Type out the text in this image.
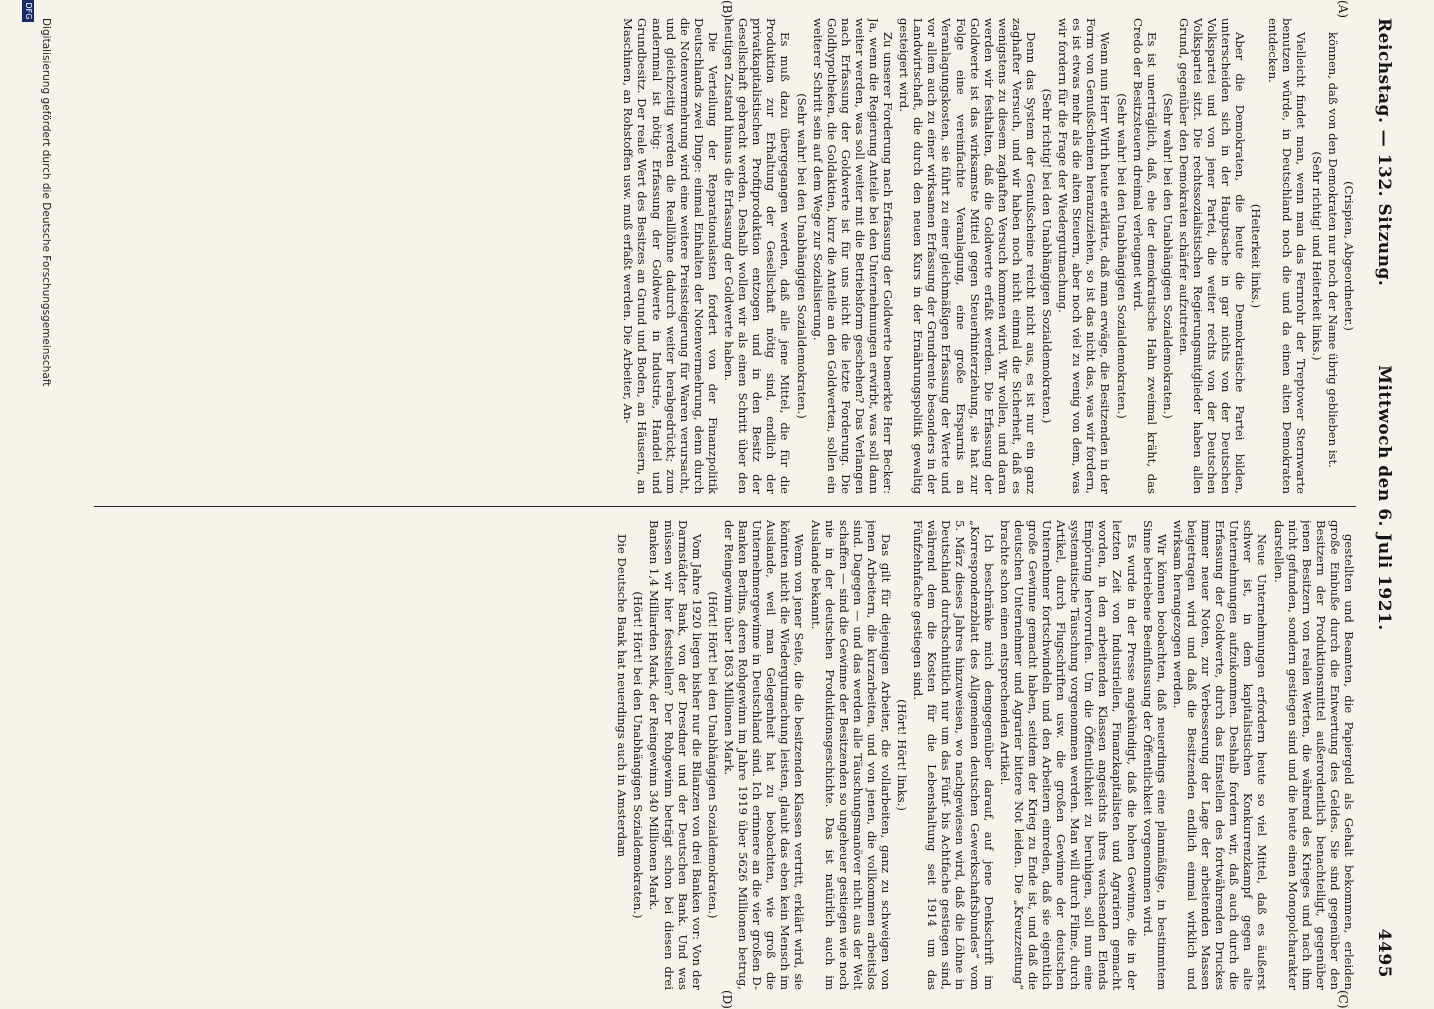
Reichstag. — 132. Sitzung.
Mittwoch den 6. Juli 1921.
4495
(A)
(B)
(C)
(D)

(Crispien, Abgeordneter.)

können, daß von den Demokraten nur noch der Name übrig geblieben ist.

(Sehr richtig! und Heiterkeit links.)

Vielleicht findet man, wenn man das Fernrohr der Treptower Sternwarte benutzen würde, in Deutschland noch die und da einen alten Demokraten entdecken.

(Heiterkeit links.)

Aber die Demokraten, die heute die Demokratische Partei bilden, unterscheiden sich in der Hauptsache in gar nichts von der Deutschen Volkspartei und von jener Partei, die weiter rechts von der Deutschen Volkspartei sitzt. Die rechtssozialistischen Regierungsmitglieder haben allen Grund, gegenüber den Demokraten schärfer aufzutreten.

(Sehr wahr! bei den Unabhängigen Sozialdemokraten.)

Es ist unerträglich, daß, ehe der demokratische Hahn zweimal kräht, das Credo der Besitzsteuern dreimal verleugnet wird.

(Sehr wahr! bei den Unabhängigen Sozialdemokraten.)

Wenn nun Herr Wirth heute erklärte, daß man erwäge, die Besitzenden in der Form von Genußscheinen heranzuziehen, so ist das nicht das, was wir fordern, es ist etwas mehr als die alten Steuern, aber noch viel zu wenig von dem, was wir fordern für die Frage der Wiedergutmachung.

(Sehr richtig! bei den Unabhängigen Sozialdemokraten.)

Denn das System der Genußscheine reicht nicht aus, es ist nur ein ganz zaghafter Versuch, und wir haben noch nicht einmal die Sicherheit, daß es wenigstens zu diesem zaghaften Versuch kommen wird. Wir wollen, und daran werden wir festhalten, daß die Goldwerte erfaßt werden. Die Erfassung der Goldwerte ist das wirksamste Mittel gegen Steuerhinterziehung, sie hat zur Folge eine vereinfachte Veranlagung, eine große Ersparnis an Veranlagungskosten, sie führt zu einer gleichmäßigen Erfassung der Werte und vor allem auch zu einer wirksamen Erfassung der Grundrente besonders in der Landwirtschaft, die durch den neuen Kurs in der Ernährungspolitik gewaltig gesteigert wird.

Zu unserer Forderung nach Erfassung der Goldwerte bemerkte Herr Becker: Ja, wenn die Regierung Anteile bei den Unternehmungen erwirbt, was soll dann weiter werden, was soll weiter mit die Betriebsform geschehen? Das Verlangen nach Erfassung der Goldwerte ist für uns nicht die letzte Forderung. Die Goldhypotheken, die Goldaktien, kurz die Anteile an den Goldwerten, sollen ein weiterer Schritt sein auf dem Wege zur Sozialisierung.

(Sehr wahr! bei den Unabhängigen Sozialdemokraten.)

Es muß dazu übergegangen werden, daß alle jene Mittel, die für die Produktion zur Erhaltung der Gesellschaft nötig sind, endlich der privatkapitalistischen Profitproduktion entzogen und in den Besitz der Gesellschaft gebracht werden. Deshalb wollen wir als einen Schritt über den heutigen Zustand hinaus die Erfassung der Goldwerte haben.

Die Verteilung der Reparationslasten fordert von der Finanzpolitik Deutschlands zwei Dinge: einmal Einhalten der Notenvermehrung, denn durch die Notenvermehrung wird eine weitere Preissteigerung für Waren verursacht, und gleichzeitig werden die Realllöhne dadurch weiter herabgedrückt; zum andernmal ist nötig: Erfassung der Goldwerte in Industrie, Handel und Grundbesitz. Der reale Wert des Besitzes an Grund und Boden, an Häusern, an Maschinen, an Rohstoffen usw. muß erfaßt werden. Die Arbeiter, An-

gestellten und Beamten, die Papiergeld als Gehalt bekommen, erleiden große Einbuße durch die Entwertung des Geldes. Sie sind gegenüber den Besitzern der Produktionsmittel außerordentlich benachteiligt, gegenüber jenen Besitzern von realen Werten, die während des Krieges und nach ihm nicht gefunden, sondern gestiegen sind und die heute einen Monopolcharakter darstellen.

Neue Unternehmungen erfordern heute so viel Mittel, daß es äußerst schwer ist, in dem kapitalistischen Konkurrenzkampf gegen alte Unternehmungen aufzukommen. Deshalb fordern wir, daß auch durch die Erfassung der Goldwerte, durch das Einstellen des fortwährenden Druckes immer neuer Noten, zur Verbesserung der Lage der arbeitenden Massen beigetragen wird und daß die Besitzenden endlich einmal wirklich und wirksam herangezogen werden.

Wir können beobachten, daß neuerdings eine planmäßige, in bestimmtem Sinne betriebene Beeinflussung der Öffentlichkeit vorgenommen wird.

Es wurde in der Presse angekündigt, daß die hohen Gewinne, die in der letzten Zeit von Industriellen, Finanzkapitalisten und Agrariern gemacht worden, in den arbeitenden Klassen angesichts ihres wachsenden Elends Empörung hervorrufen. Um die Öffentlichkeit zu beruhigen, soll nun eine systematische Täuschung vorgenommen werden. Man will durch Filme, durch Artikel, durch Flugschriften usw. die großen Gewinne der deutschen Unternehmer fortschwindeln und den Arbeitern einreden, daß sie eigentlich große Gewinne gemacht haben, seitdem der Krieg zu Ende ist, und daß die deutschen Unternehmer und Agrarier bittere Not leiden. Die „Kreuzzeitung“ brachte schon einen entsprechenden Artikel.

Ich beschränke mich demgegenüber darauf, auf jene Denkschrift im „Korrespondenzblatt des Allgemeinen deutschen Gewerkschaftsbundes“ vom 5. März dieses Jahres hinzuweisen, wo nachgewiesen wird, daß die Löhne in Deutschland durchschnittlich nur um das Fünf- bis Achtfache gestiegen sind, während dem die Kosten für die Lebenshaltung seit 1914 um das Fünfzehnfache gestiegen sind.

(Hört! Hört! links.)

Das gilt für diejenigen Arbeiter, die vollarbeiten, ganz zu schweigen von jenen Arbeitern, die kurzarbeiten, und von jenen, die vollkommen arbeitslos sind. Dagegen — und das werden alle Täuschungsmanöver nicht aus der Welt schaffen — sind die Gewinne der Besitzenden so ungeheuer gestiegen wie noch nie in der deutschen Produktionsgeschichte. Das ist natürlich auch im Auslande bekannt.

Wenn von jener Seite, die die besitzenden Klassen vertritt, erklärt wird, sie könnten nicht die Wiedergutmachung leisten, glaubt das eben kein Mensch im Auslande, weil man Gelegenheit hat zu beobachten, wie groß die Unternehmergewinne in Deutschland sind. Ich erinnere an die vier großen D-Banken Berlins, deren Rohgewinn im Jahre 1919 über 5626 Millionen betrug, der Reingewinn über 1863 Millionen Mark.

(Hört! Hört! bei den Unabhängigen Sozialdemokraten.)

Vom Jahre 1920 liegen bisher nur die Bilanzen von drei Banken vor: Von der Darmstädter Bank, von der Dresdner und der Deutschen Bank. Und was müssen wir hier feststellen? Der Rohgewinn beträgt schon bei diesen drei Banken 1,4 Milliarden Mark, der Reingewinn 340 Millionen Mark.

(Hört! Hört! bei den Unabhängigen Sozialdemokraten.)

Die Deutsche Bank hat neuerdings auch in Amsterdam

Digitalisierung gefördert durch die Deutsche Forschungsgemeinschaft
DFG
